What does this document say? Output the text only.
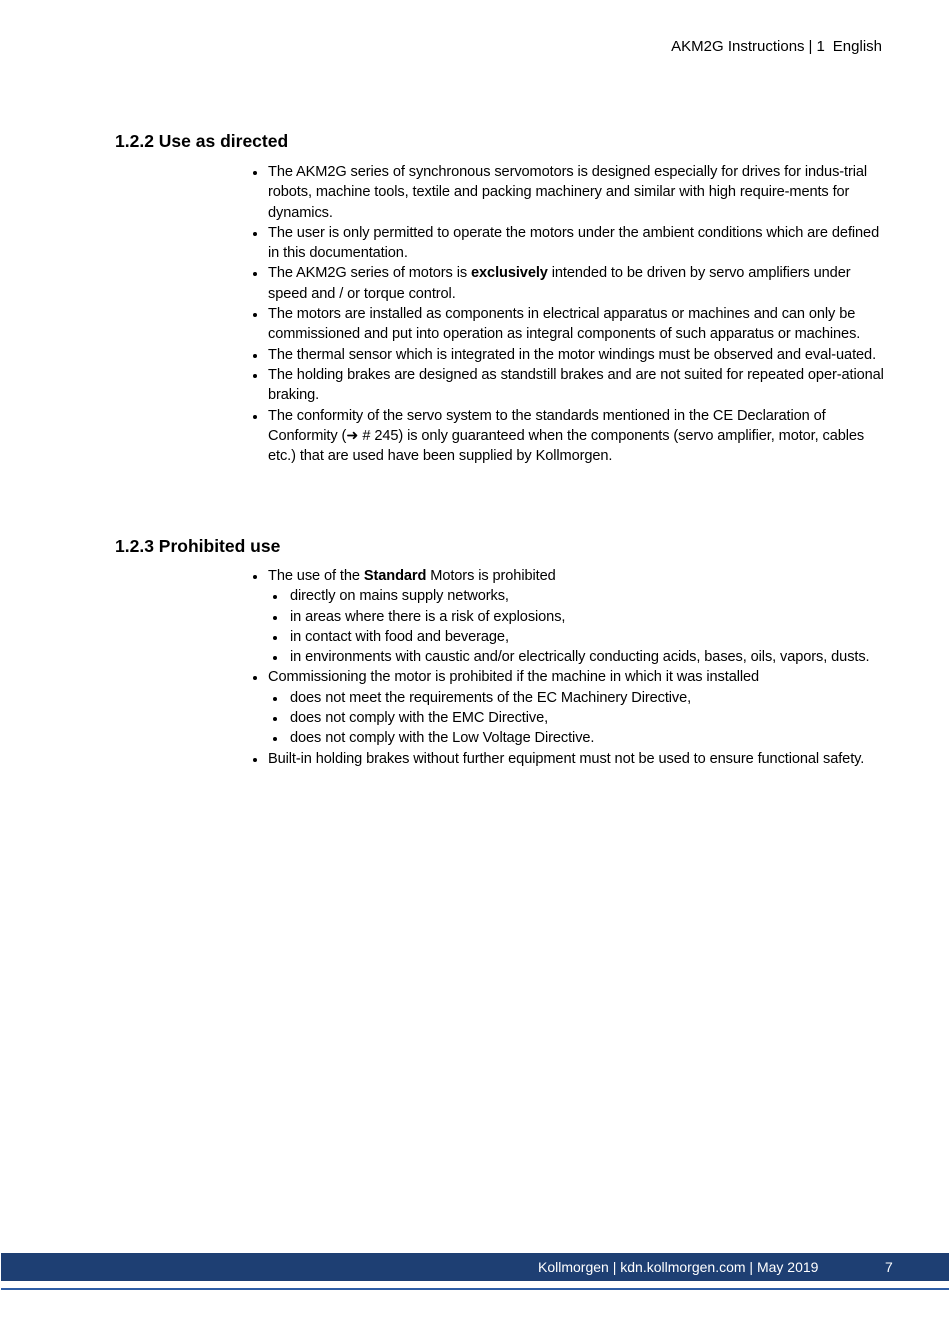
AKM2G Instructions | 1 English
1.2.2 Use as directed
The AKM2G series of synchronous servomotors is designed especially for drives for indus-trial robots, machine tools, textile and packing machinery and similar with high require-ments for dynamics.
The user is only permitted to operate the motors under the ambient conditions which are defined in this documentation.
The AKM2G series of motors is exclusively intended to be driven by servo amplifiers under speed and / or torque control.
The motors are installed as components in electrical apparatus or machines and can only be commissioned and put into operation as integral components of such apparatus or machines.
The thermal sensor which is integrated in the motor windings must be observed and eval-uated.
The holding brakes are designed as standstill brakes and are not suited for repeated oper-ational braking.
The conformity of the servo system to the standards mentioned in the CE Declaration of Conformity (➜ # 245) is only guaranteed when the components (servo amplifier, motor, cables etc.) that are used have been supplied by Kollmorgen.
1.2.3 Prohibited use
The use of the Standard Motors is prohibited
directly on mains supply networks,
in areas where there is a risk of explosions,
in contact with food and beverage,
in environments with caustic and/or electrically conducting acids, bases, oils, vapors, dusts.
Commissioning the motor is prohibited if the machine in which it was installed
does not meet the requirements of the EC Machinery Directive,
does not comply with the EMC Directive,
does not comply with the Low Voltage Directive.
Built-in holding brakes without further equipment must not be used to ensure functional safety.
Kollmorgen | kdn.kollmorgen.com | May 2019	7
